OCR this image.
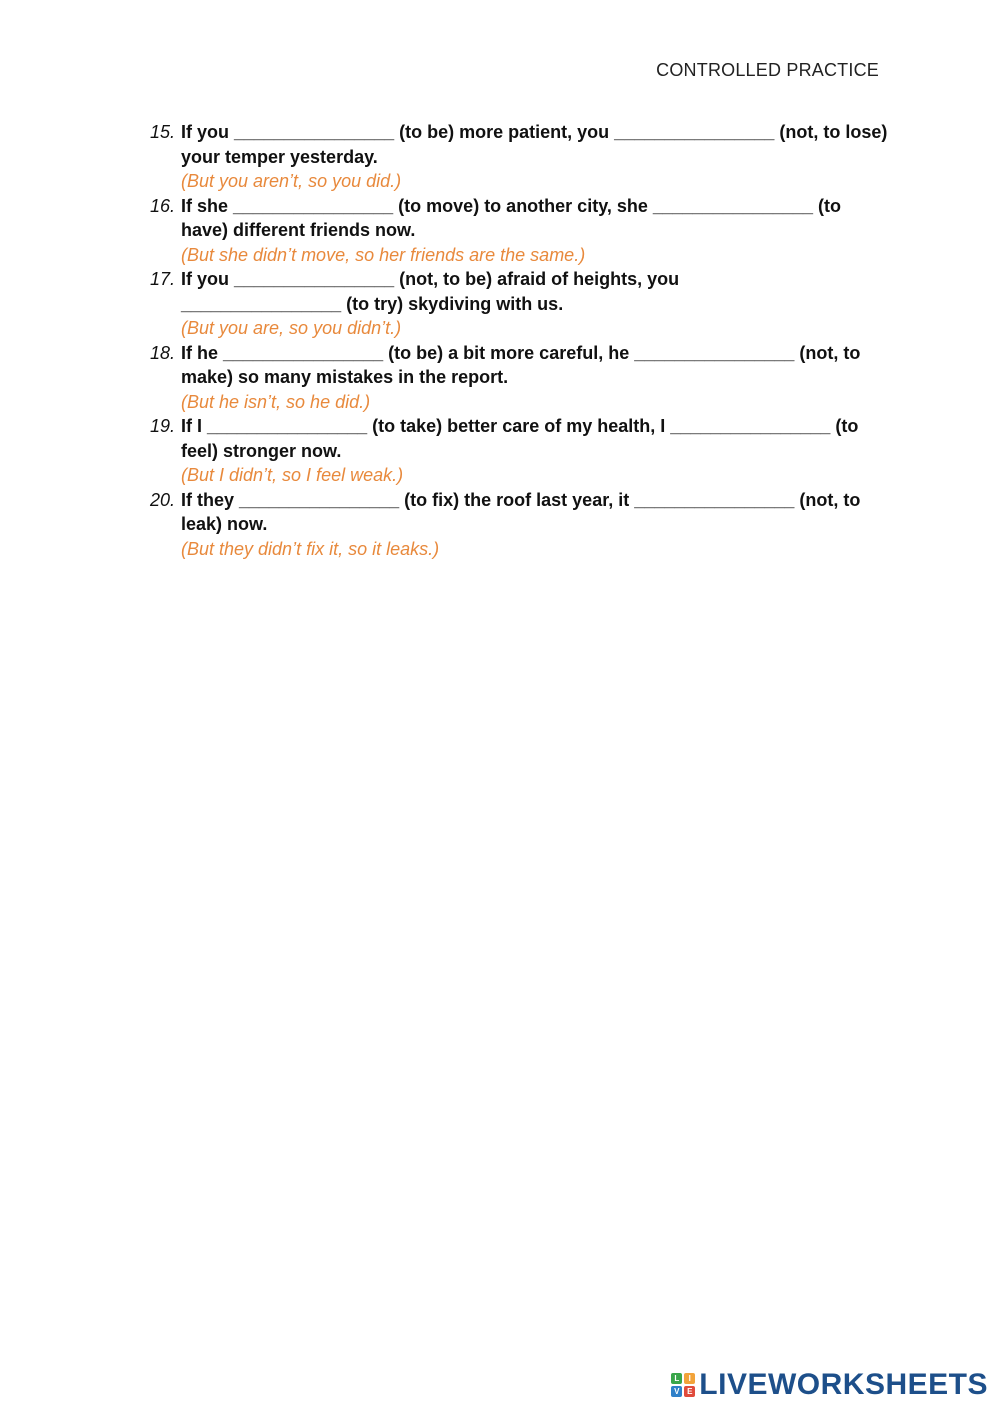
CONTROLLED PRACTICE
15. If you ________________ (to be) more patient, you ________________ (not, to lose) your temper yesterday.
(But you aren’t, so you did.)
16. If she ________________ (to move) to another city, she ________________ (to have) different friends now.
(But she didn’t move, so her friends are the same.)
17. If you ________________ (not, to be) afraid of heights, you
________________ (to try) skydiving with us.
(But you are, so you didn’t.)
18. If he ________________ (to be) a bit more careful, he ________________ (not, to make) so many mistakes in the report.
(But he isn’t, so he did.)
19. If I ________________ (to take) better care of my health, I ________________ (to feel) stronger now.
(But I didn’t, so I feel weak.)
20. If they ________________ (to fix) the roof last year, it ________________ (not, to leak) now.
(But they didn’t fix it, so it leaks.)
L	I
V E LIVEWORKSHEETS
